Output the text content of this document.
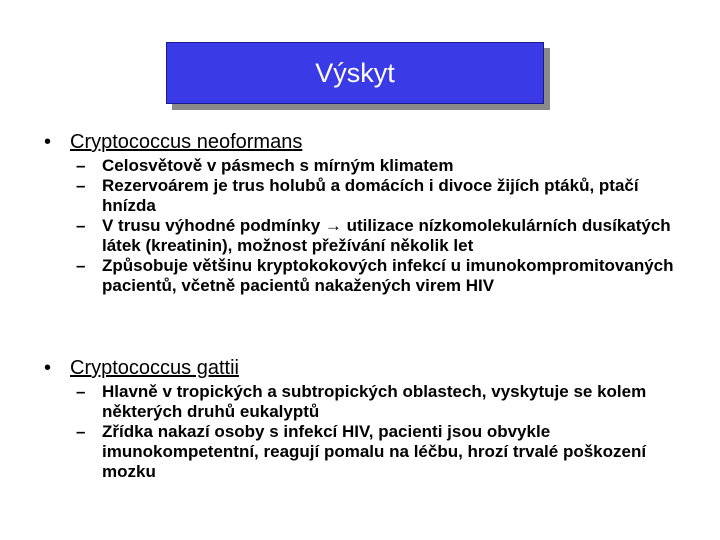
Výskyt
• Cryptococcus neoformans
– Celosvětově v pásmech s mírným klimatem
– Rezervoárem je trus holubů a domácích i divoce žijích ptáků, ptačí hnízda
– V trusu výhodné podmínky → utilizace nízkomolekulárních dusíkatých látek (kreatinin), možnost přežívání několik let
– Způsobuje většinu kryptokokových infekcí u imunokompromitovaných pacientů, včetně pacientů nakažených virem HIV
• Cryptococcus gattii
– Hlavně v tropických a subtropických oblastech, vyskytuje se kolem některých druhů eukalyptů
– Zřídka nakazí osoby s infekcí HIV, pacienti jsou obvykle imunokompetentní, reagují pomalu na léčbu, hrozí trvalé poškození mozku
